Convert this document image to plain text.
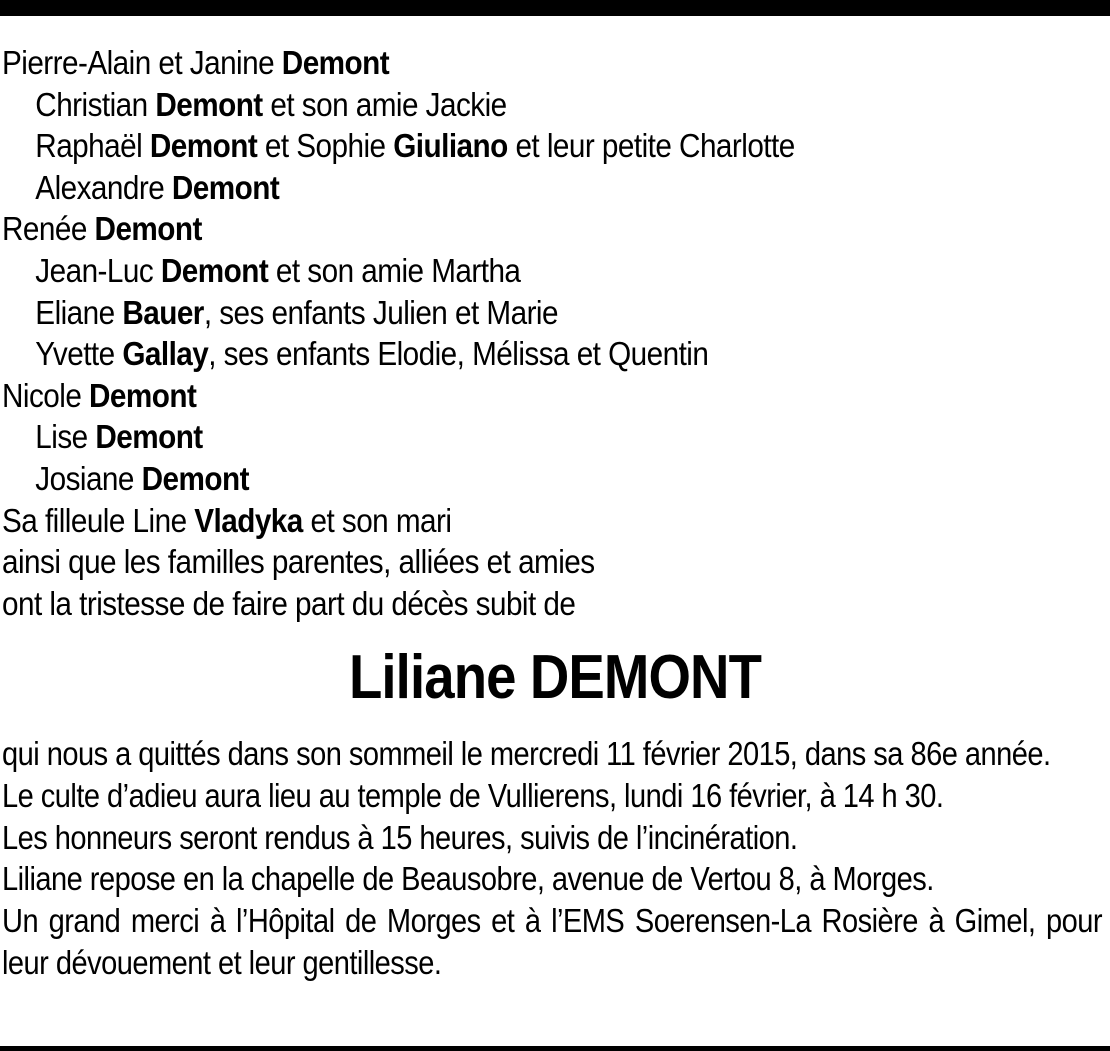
Pierre-Alain et Janine Demont
Christian Demont et son amie Jackie
Raphaël Demont et Sophie Giuliano et leur petite Charlotte
Alexandre Demont
Renée Demont
Jean-Luc Demont et son amie Martha
Eliane Bauer, ses enfants Julien et Marie
Yvette Gallay, ses enfants Elodie, Mélissa et Quentin
Nicole Demont
Lise Demont
Josiane Demont
Sa filleule Line Vladyka et son mari
ainsi que les familles parentes, alliées et amies
ont la tristesse de faire part du décès subit de
Liliane DEMONT

qui nous a quittés dans son sommeil le mercredi 11 février 2015, dans sa 86e année.

Le culte d’adieu aura lieu au temple de Vullierens, lundi 16 février, à 14 h 30.

Les honneurs seront rendus à 15 heures, suivis de l’incinération.

Liliane repose en la chapelle de Beausobre, avenue de Vertou 8, à Morges.

Un grand merci à l’Hôpital de Morges et à l’EMS Soerensen-La Rosière à Gimel, pour leur dévouement et leur gentillesse.
